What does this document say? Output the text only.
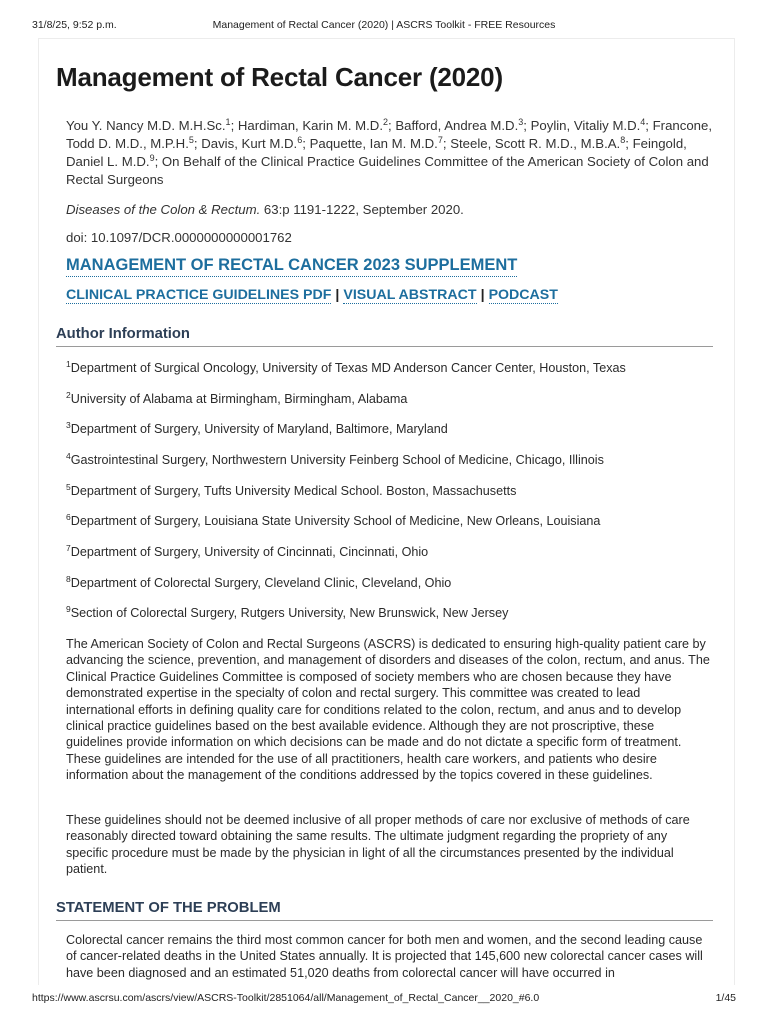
31/8/25, 9:52 p.m.	Management of Rectal Cancer (2020) | ASCRS Toolkit - FREE Resources
Management of Rectal Cancer (2020)
You Y. Nancy M.D. M.H.Sc.$^1$; Hardiman, Karin M. M.D.$^2$; Bafford, Andrea M.D.$^3$; Poylin, Vitaliy M.D.$^4$; Francone, Todd D. M.D., M.P.H.$^5$; Davis, Kurt M.D.$^6$; Paquette, Ian M. M.D.$^7$; Steele, Scott R. M.D., M.B.A.$^8$; Feingold, Daniel L. M.D.$^9$; On Behalf of the Clinical Practice Guidelines Committee of the American Society of Colon and Rectal Surgeons
Diseases of the Colon & Rectum. 63:p 1191-1222, September 2020.
doi: 10.1097/DCR.0000000000001762
MANAGEMENT OF RECTAL CANCER 2023 SUPPLEMENT
CLINICAL PRACTICE GUIDELINES PDF | VISUAL ABSTRACT | PODCAST
Author Information
$^1$Department of Surgical Oncology, University of Texas MD Anderson Cancer Center, Houston, Texas
$^2$University of Alabama at Birmingham, Birmingham, Alabama
$^3$Department of Surgery, University of Maryland, Baltimore, Maryland
$^4$Gastrointestinal Surgery, Northwestern University Feinberg School of Medicine, Chicago, Illinois
$^5$Department of Surgery, Tufts University Medical School. Boston, Massachusetts
$^6$Department of Surgery, Louisiana State University School of Medicine, New Orleans, Louisiana
$^7$Department of Surgery, University of Cincinnati, Cincinnati, Ohio
$^8$Department of Colorectal Surgery, Cleveland Clinic, Cleveland, Ohio
$^9$Section of Colorectal Surgery, Rutgers University, New Brunswick, New Jersey

The American Society of Colon and Rectal Surgeons (ASCRS) is dedicated to ensuring high-quality patient care by advancing the science, prevention, and management of disorders and diseases of the colon, rectum, and anus. The Clinical Practice Guidelines Committee is composed of society members who are chosen because they have demonstrated expertise in the specialty of colon and rectal surgery. This committee was created to lead international efforts in defining quality care for conditions related to the colon, rectum, and anus and to develop clinical practice guidelines based on the best available evidence. Although they are not proscriptive, these guidelines provide information on which decisions can be made and do not dictate a specific form of treatment. These guidelines are intended for the use of all practitioners, health care workers, and patients who desire information about the management of the conditions addressed by the topics covered in these guidelines.

These guidelines should not be deemed inclusive of all proper methods of care nor exclusive of methods of care reasonably directed toward obtaining the same results. The ultimate judgment regarding the propriety of any specific procedure must be made by the physician in light of all the circumstances presented by the individual patient.

STATEMENT OF THE PROBLEM

Colorectal cancer remains the third most common cancer for both men and women, and the second leading cause of cancer-related deaths in the United States annually. It is projected that 145,600 new colorectal cancer cases will have been diagnosed and an estimated 51,020 deaths from colorectal cancer will have occurred in

https://www.ascrsu.com/ascrs/view/ASCRS-Toolkit/2851064/all/Management_of_Rectal_Cancer__2020_#6.0	1/45
